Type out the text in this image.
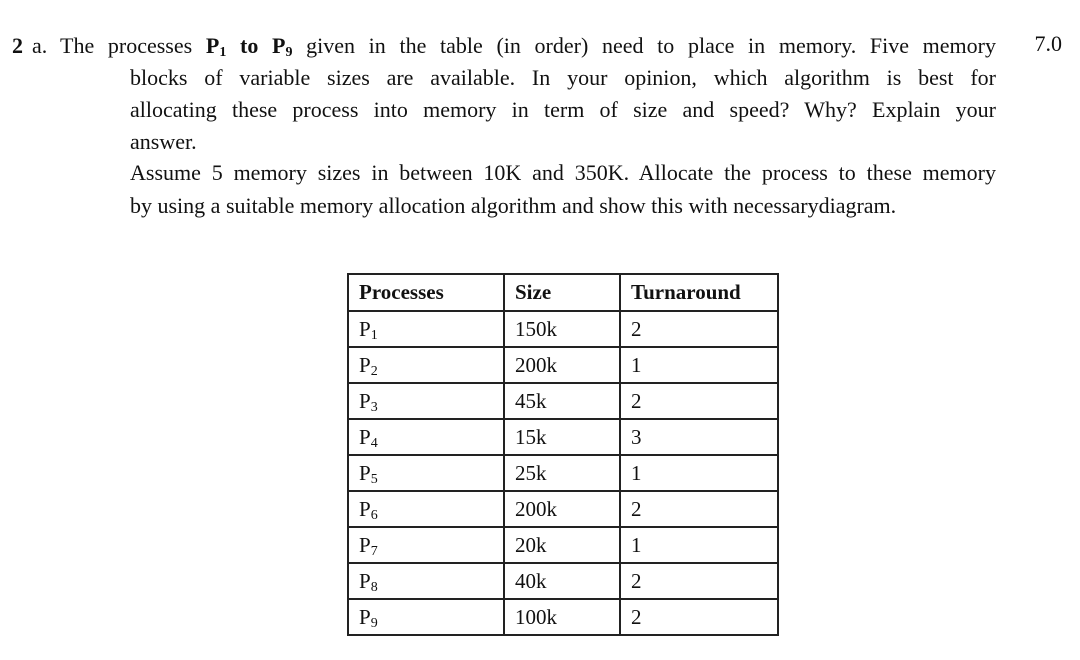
2 a.	7.0
The processes $P_1$ to $P_9$ given in the table (in order) need to place in memory. Five memory
blocks of variable sizes are available. In your opinion, which algorithm is best for
allocating these process into memory in term of size and speed? Why? Explain your
answer.
Assume 5 memory sizes in between 10K and 350K. Allocate the process to these memory
by using a suitable memory allocation algorithm and show this with necessarydiagram.
Processes	Size	Turnaround
$P_1$	150k	2
$P_2$	200k	1
$P_3$	45k	2
$P_4$	15k	3
$P_5$	25k	1
$P_6$	200k	2
$P_7$	20k	1
$P_8$	40k	2
$P_9$	100k	2
